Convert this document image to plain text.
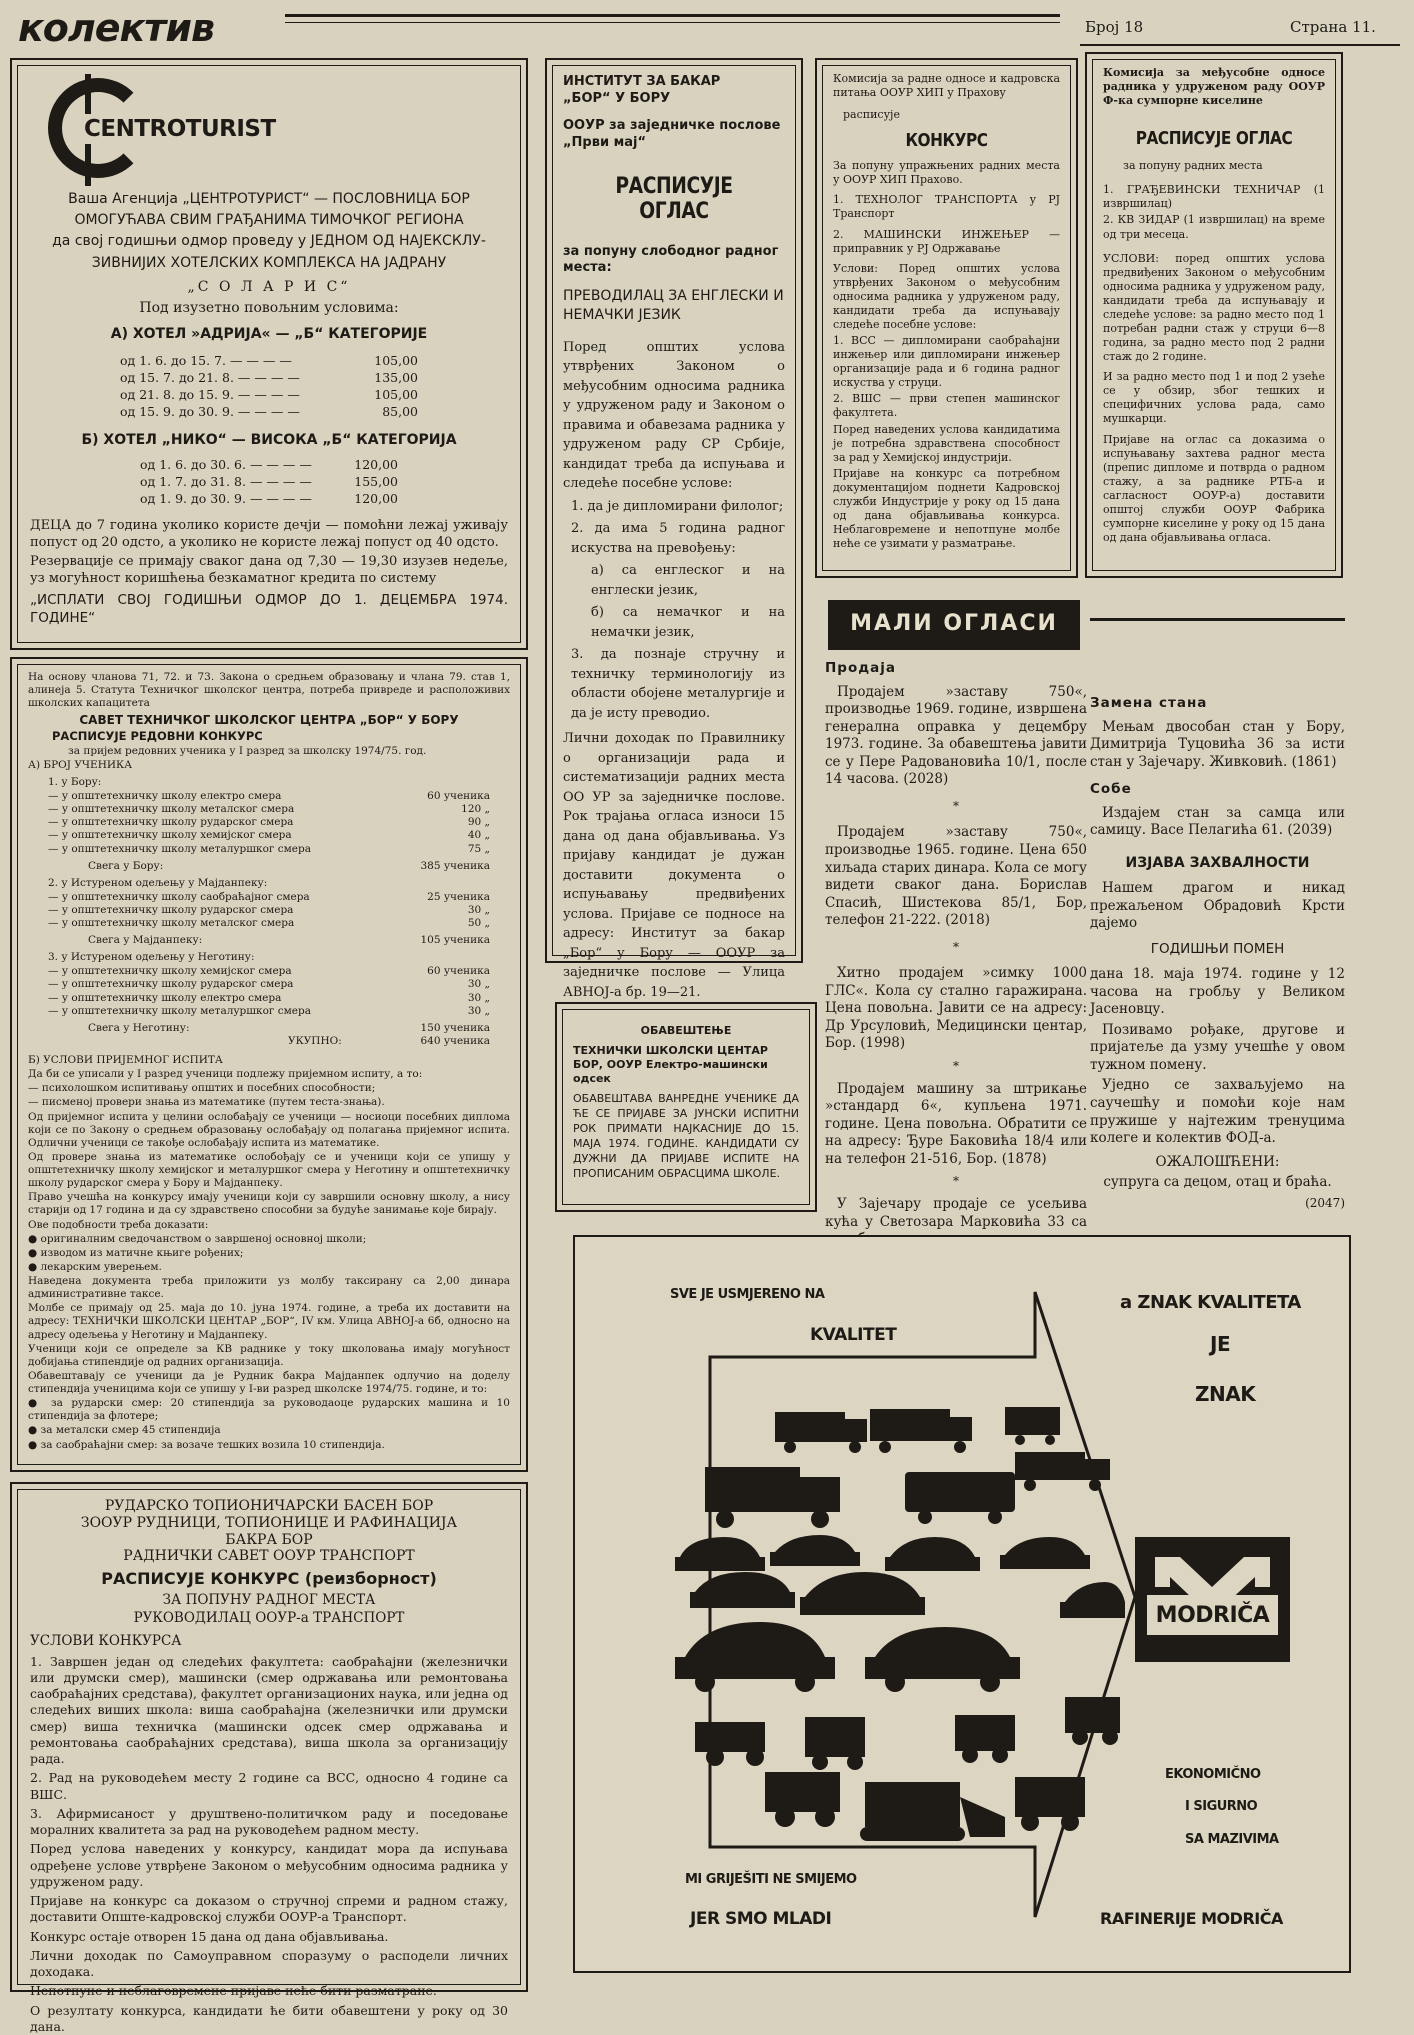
колектив	Број 18	Страна 11.
CENTROTURIST

Ваша Агенција „ЦЕНТРОТУРИСТ“ — ПОСЛОВНИЦА БОР

ОМОГУЋАВА СВИМ ГРАЂАНИМА ТИМОЧКОГ РЕГИОНА

да свој годишњи одмор проведу у ЈЕДНОМ ОД НАЈЕКСКЛУ-

ЗИВНИЈИХ ХОТЕЛСКИХ КОМПЛЕКСА НА ЈАДРАНУ

„С О Л А Р И С“

Под изузетно повољним условима:

А) ХОТЕЛ »АДРИЈА« — „Б“ КАТЕГОРИЈЕ

од 1. 6. до 15. 7. — — — —	105,00
од 15. 7. до 21. 8. — — — —	135,00
од 21. 8. до 15. 9. — — — —	105,00
од 15. 9. до 30. 9. — — — —	85,00

Б) ХОТЕЛ „НИКО“ — ВИСОКА „Б“ КАТЕГОРИЈА

од 1. 6. до 30. 6. — — — —	120,00
од 1. 7. до 31. 8. — — — —	155,00
од 1. 9. до 30. 9. — — — —	120,00

ДЕЦА до 7 година уколико користе дечји — помоћни лежај уживају попуст од 20 одсто, а уколико не користе лежај попуст од 40 одсто.

Резервације се примају сваког дана од 7,30 — 19,30 изузев недеље, уз могућност коришћења безкаматног кредита по систему

„ИСПЛАТИ СВОЈ ГОДИШЊИ ОДМОР ДО 1. ДЕЦЕМБРА 1974. ГОДИНЕ“

На основу чланова 71, 72. и 73. Закона о средњем образовању и члана 79. став 1, алинеја 5. Статута Техничког школског центра, потреба привреде и расположивих школских капацитета

САВЕТ ТЕХНИЧКОГ ШКОЛСКОГ ЦЕНТРА „БОР“ У БОРУ

РАСПИСУЈЕ РЕДОВНИ КОНКУРС

за пријем редовних ученика у I разред за школску 1974/75. год.

А) БРОЈ УЧЕНИКА

1. у Бору:
— у општетехничку школу електро смера	60 ученика
— у општетехничку школу металског смера	120 „
— у општетехничку школу рударског смера	90 „
— у општетехничку школу хемијског смера	40 „
— у општетехничку школу металуршког смера	75 „
Свега у Бору:	385 ученика
2. у Истуреном одељењу у Мајданпеку:
— у општетехничку школу саобраћајног смера	25 ученика
— у општетехничку школу рударског смера	30 „
— у општетехничку школу металског смера	50 „
Свега у Мајданпеку:	105 ученика
3. у Истуреном одељењу у Неготину:
— у општетехничку школу хемијског смера	60 ученика
— у општетехничку школу рударског смера	30 „
— у општетехничку школу електро смера	30 „
— у општетехничку школу металуршког смера	30 „
Свега у Неготину:	150 ученика
УКУПНО:	640 ученика

Б) УСЛОВИ ПРИЈЕМНОГ ИСПИТА

Да би се уписали у I разред ученици подлежу пријемном испиту, а то:

— психолошком испитивању општих и посебних способности;

— писменој провери знања из математике (путем теста-знања).

Од пријемног испита у целини ослобађају се ученици — носиоци посебних диплома који се по Закону о средњем образовању ослобађају од полагања пријемног испита. Одлични ученици се такође ослобађају испита из математике.

Од провере знања из математике ослобођају се и ученици који се упишу у општетехничку школу хемијског и металуршког смера у Неготину и општетехничку школу рударског смера у Бору и Мајданпеку.

Право учешћа на конкурсу имају ученици који су завршили основну школу, а нису старији од 17 година и да су здравствено способни за будуће занимање које бирају.

Ове подобности треба доказати:

● оригиналним сведочанством о завршеној основној школи;

● изводом из матичне књиге рођених;

● лекарским уверењем.

Наведена документа треба приложити уз молбу таксирану са 2,00 динара административне таксе.

Молбе се примају од 25. маја до 10. јуна 1974. године, а треба их доставити на адресу: ТЕХНИЧКИ ШКОЛСКИ ЦЕНТАР „БОР“, IV км. Улица АВНОЈ-а 6б, односно на адресу одељења у Неготину и Мајданпеку.

Ученици који се определе за КВ раднике у току школовања имају могућност добијања стипендије од радних организација.

Обавештавају се ученици да је Рудник бакра Мајданпек одлучио на доделу стипендија ученицима који се упишу у I-ви разред школске 1974/75. године, и то:

● за рударски смер: 20 стипендија за руководаоце рударских машина и 10 стипендија за флотере;

● за металски смер 45 стипендија

● за саобраћајни смер: за возаче тешких возила 10 стипендија.

РУДАРСКО ТОПИОНИЧАРСКИ БАСЕН БОР

ЗООУР РУДНИЦИ, ТОПИОНИЦЕ И РАФИНАЦИЈА

БАКРА БОР

РАДНИЧКИ САВЕТ ООУР ТРАНСПОРТ

РАСПИСУЈЕ КОНКУРС (реизборност)

ЗА ПОПУНУ РАДНОГ МЕСТА

РУКОВОДИЛАЦ ООУР-а ТРАНСПОРТ

УСЛОВИ КОНКУРСА

1. Завршен један од следећих факултета: саобраћајни (железнички или друмски смер), машински (смер одржавања или ремонтовања саобраћајних средстава), факултет организационих наука, или једна од следећих виших школа: виша саобраћајна (железнички или друмски смер) виша техничка (машински одсек смер одржавања и ремонтовања саобраћајних средстава), виша школа за организацију рада.

2. Рад на руководећем месту 2 године са ВСС, односно 4 године са ВШС.

3. Афирмисаност у друштвено-политичком раду и поседовање моралних квалитета за рад на руководећем радном месту.

Поред услова наведених у конкурсу, кандидат мора да испуњава одређене услове утврђене Законом о међусобним односима радника у удруженом раду.

Пријаве на конкурс са доказом о стручној спреми и радном стажу, доставити Опште-кадровској служби ООУР-а Транспорт.

Конкурс остаје отворен 15 дана од дана објављивања.

Лични доходак по Самоуправном споразуму о расподели личних доходака.

Непотпуне и неблаговремене пријаве неће бити разматране.

О резултату конкурса, кандидати ће бити обавештени у року од 30 дана.

ИНСТИТУТ ЗА БАКАР

„БОР“ У БОРУ

ООУР за заједничке послове

„Први мај“

РАСПИСУЈЕ ОГЛАС

за попуну слободног радног места:

ПРЕВОДИЛАЦ ЗА ЕНГЛЕСКИ И НЕМАЧКИ ЈЕЗИК

Поред општих услова утврђених Законом о међусобним односима радника у удруженом раду и Законом о правима и обавезама радника у удруженом раду СР Србије, кандидат треба да испуњава и следеће посебне услове:

1. да је дипломирани филолог;

2. да има 5 година радног искуства на превођењу:

а) са енглеског и на енглески језик,

б) са немачког и на немачки језик,

3. да познаје стручну и техничку терминологију из области обојене металургије и да је исту преводио.

Лични доходак по Правилнику о организацији рада и систематизацији радних места ОО УР за заједничке послове. Рок трајања огласа износи 15 дана од дана објављивања. Уз пријаву кандидат је дужан доставити документа о испуњавању предвиђених услова. Пријаве се подносе на адресу: Институт за бакар „Бор“ у Бору — ООУР за заједничке послове — Улица АВНОЈ-а бр. 19—21.

ОБАВЕШТЕЊЕ

ТЕХНИЧКИ ШКОЛСКИ ЦЕНТАР

БОР, ООУР Електро-машински

одсек

ОБАВЕШТАВА ВАНРЕДНЕ УЧЕНИКЕ ДА ЋЕ СЕ ПРИЈАВЕ ЗА ЈУНСКИ ИСПИТНИ РОК ПРИМАТИ НАЈКАСНИЈЕ ДО 15. МАЈА 1974. ГОДИНЕ. КАНДИДАТИ СУ ДУЖНИ ДА ПРИЈАВЕ ИСПИТЕ НА ПРОПИСАНИМ ОБРАСЦИМА ШКОЛЕ.

Комисија за радне односе и кадровска питања ООУР ХИП у Прахову

расписује

КОНКУРС

За попуну упражњених радних места у ООУР ХИП Прахово.

1. ТЕХНОЛОГ ТРАНСПОРТА у РЈ Транспорт

2. МАШИНСКИ ИНЖЕЊЕР — приправник у РЈ Одржавање

Услови: Поред општих услова утврђених Законом о међусобним односима радника у удруженом раду, кандидати треба да испуњавају следеће посебне услове:

1. ВСС — дипломирани саобраћајни инжењер или дипломирани инжењер организације рада и 6 година радног искуства у струци.

2. ВШС — први степен машинског факултета.

Поред наведених услова кандидатима је потребна здравствена способност за рад у Хемијској индустрији.

Пријаве на конкурс са потребном документацијом поднети Кадровској служби Индустрије у року од 15 дана од дана објављивања конкурса. Неблаговремене и непотпуне молбе неће се узимати у разматрање.

Комисија за међусобне односе радника у удруженом раду ООУР Ф-ка сумпорне киселине

РАСПИСУЈЕ ОГЛАС

за попуну радних места

1. ГРАЂЕВИНСКИ ТЕХНИЧАР (1 извршилац)

2. КВ ЗИДАР (1 извршилац) на време од три месеца.

УСЛОВИ: поред општих услова предвиђених Законом о међусобним односима радника у удруженом раду, кандидати треба да испуњавају и следеће услове: за радно место под 1 потребан радни стаж у струци 6—8 година, за радно место под 2 радни стаж до 2 године.

И за радно место под 1 и под 2 узеће се у обзир, због тешких и специфичних услова рада, само мушкарци.

Пријаве на оглас са доказима о испуњавању захтева радног места (препис дипломе и потврда о радном стажу, а за раднике РТБ-а и сагласност ООУР-а) доставити општој служби ООУР Фабрика сумпорне киселине у року од 15 дана од дана објављивања огласа.

МАЛИ ОГЛАСИ

Продаја

Продајем »заставу 750«, производње 1969. године, извршена генерална оправка у децембру 1973. године. За обавештења јавити се у Пере Радовановића 10/1, после 14 часова. (2028)

*

Продајем »заставу 750«, производње 1965. године. Цена 650 хиљада старих динара. Кола се могу видети сваког дана. Борислав Спасић, Шистекова 85/1, Бор, телефон 21-222. (2018)

*

Хитно продајем »симку 1000 ГЛС«. Кола су стално гаражирана. Цена повољна. Јавити се на адресу: Др Урсуловић, Медицински центар, Бор. (1998)

*

Продајем машину за штрикање »стандард 6«, купљена 1971. године. Цена повољна. Обратити се на адресу: Ђуре Баковића 18/4 или на телефон 21-516, Бор. (1878)

*

У Зајечару продаје се усељива кућа у Светозара Марковића 33 са

Замена стана

Мењам двособан стан у Бору, Димитрија Туцовића 36 за исти стан у Зајечару. Живковић. (1861)

Собе

Издајем стан за самца или самицу. Васе Пелагића 61. (2039)

ИЗЈАВА ЗАХВАЛНОСТИ

Нашем драгом и никад прежаљеном Обрадовић Крсти дајемо

ГОДИШЊИ ПОМЕН

дана 18. маја 1974. године у 12 часова на гробљу у Великом Јасеновцу.

Позивамо рођаке, другове и пријатеље да узму учешће у овом тужном помену.

Уједно се захваљујемо на саучешћу и помоћи које нам пружише у најтежим тренуцима колеге и колектив ФОД-а.

ОЖАЛОШЋЕНИ:

супруга са децом, отац и браћа.

(2047)

SVE JE USMJERENO NA
KVALITET
a ZNAK KVALITETA
JE
ZNAK
MODRIČA
EKONOMIČNO
I SIGURNO
SA MAZIVIMA
MI GRIJEŠITI NE SMIJEMO
JER SMO MLADI	RAFINERIJE MODRIČA
